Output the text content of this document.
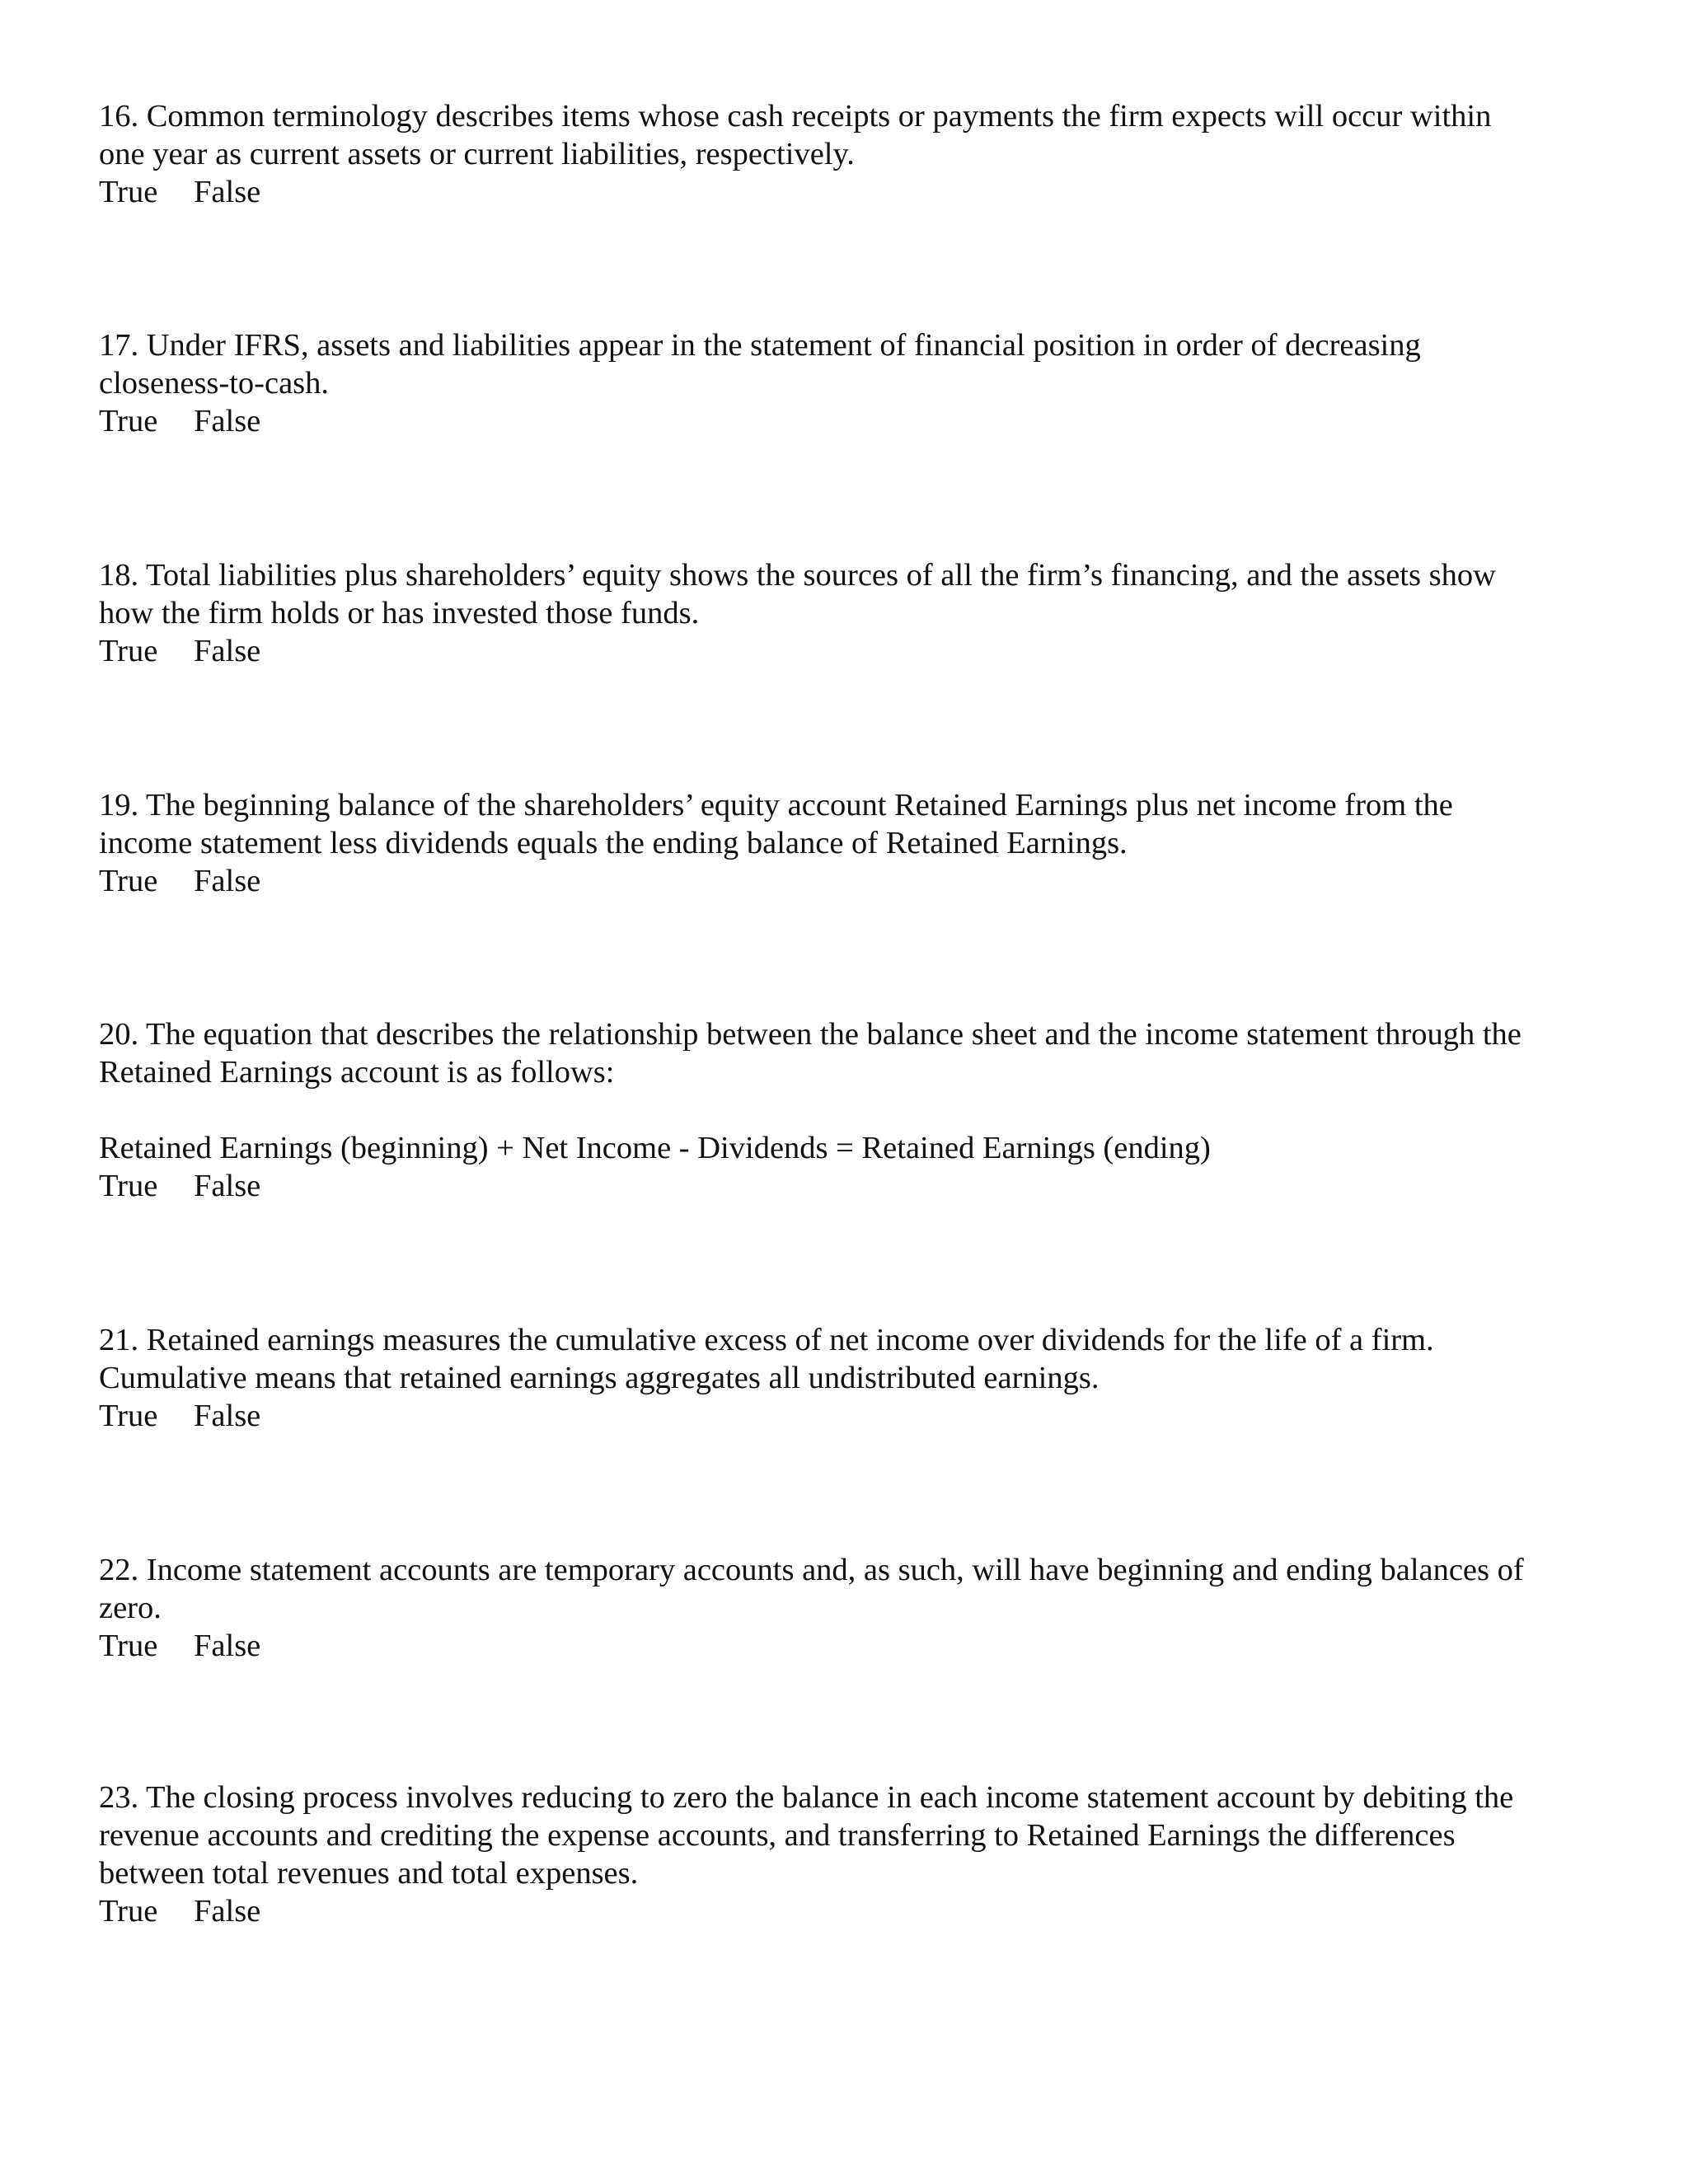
16. Common terminology describes items whose cash receipts or payments the firm expects will occur within
one year as current assets or current liabilities, respectively.
True False
17. Under IFRS, assets and liabilities appear in the statement of financial position in order of decreasing
closeness-to-cash.
True False
18. Total liabilities plus shareholders’ equity shows the sources of all the firm’s financing, and the assets show
how the firm holds or has invested those funds.
True False
19. The beginning balance of the shareholders’ equity account Retained Earnings plus net income from the
income statement less dividends equals the ending balance of Retained Earnings.
True False
20. The equation that describes the relationship between the balance sheet and the income statement through the
Retained Earnings account is as follows:
Retained Earnings (beginning) + Net Income - Dividends = Retained Earnings (ending)
True False
21. Retained earnings measures the cumulative excess of net income over dividends for the life of a firm.
Cumulative means that retained earnings aggregates all undistributed earnings.
True False
22. Income statement accounts are temporary accounts and, as such, will have beginning and ending balances of
zero.
True False
23. The closing process involves reducing to zero the balance in each income statement account by debiting the
revenue accounts and crediting the expense accounts, and transferring to Retained Earnings the differences
between total revenues and total expenses.
True False
